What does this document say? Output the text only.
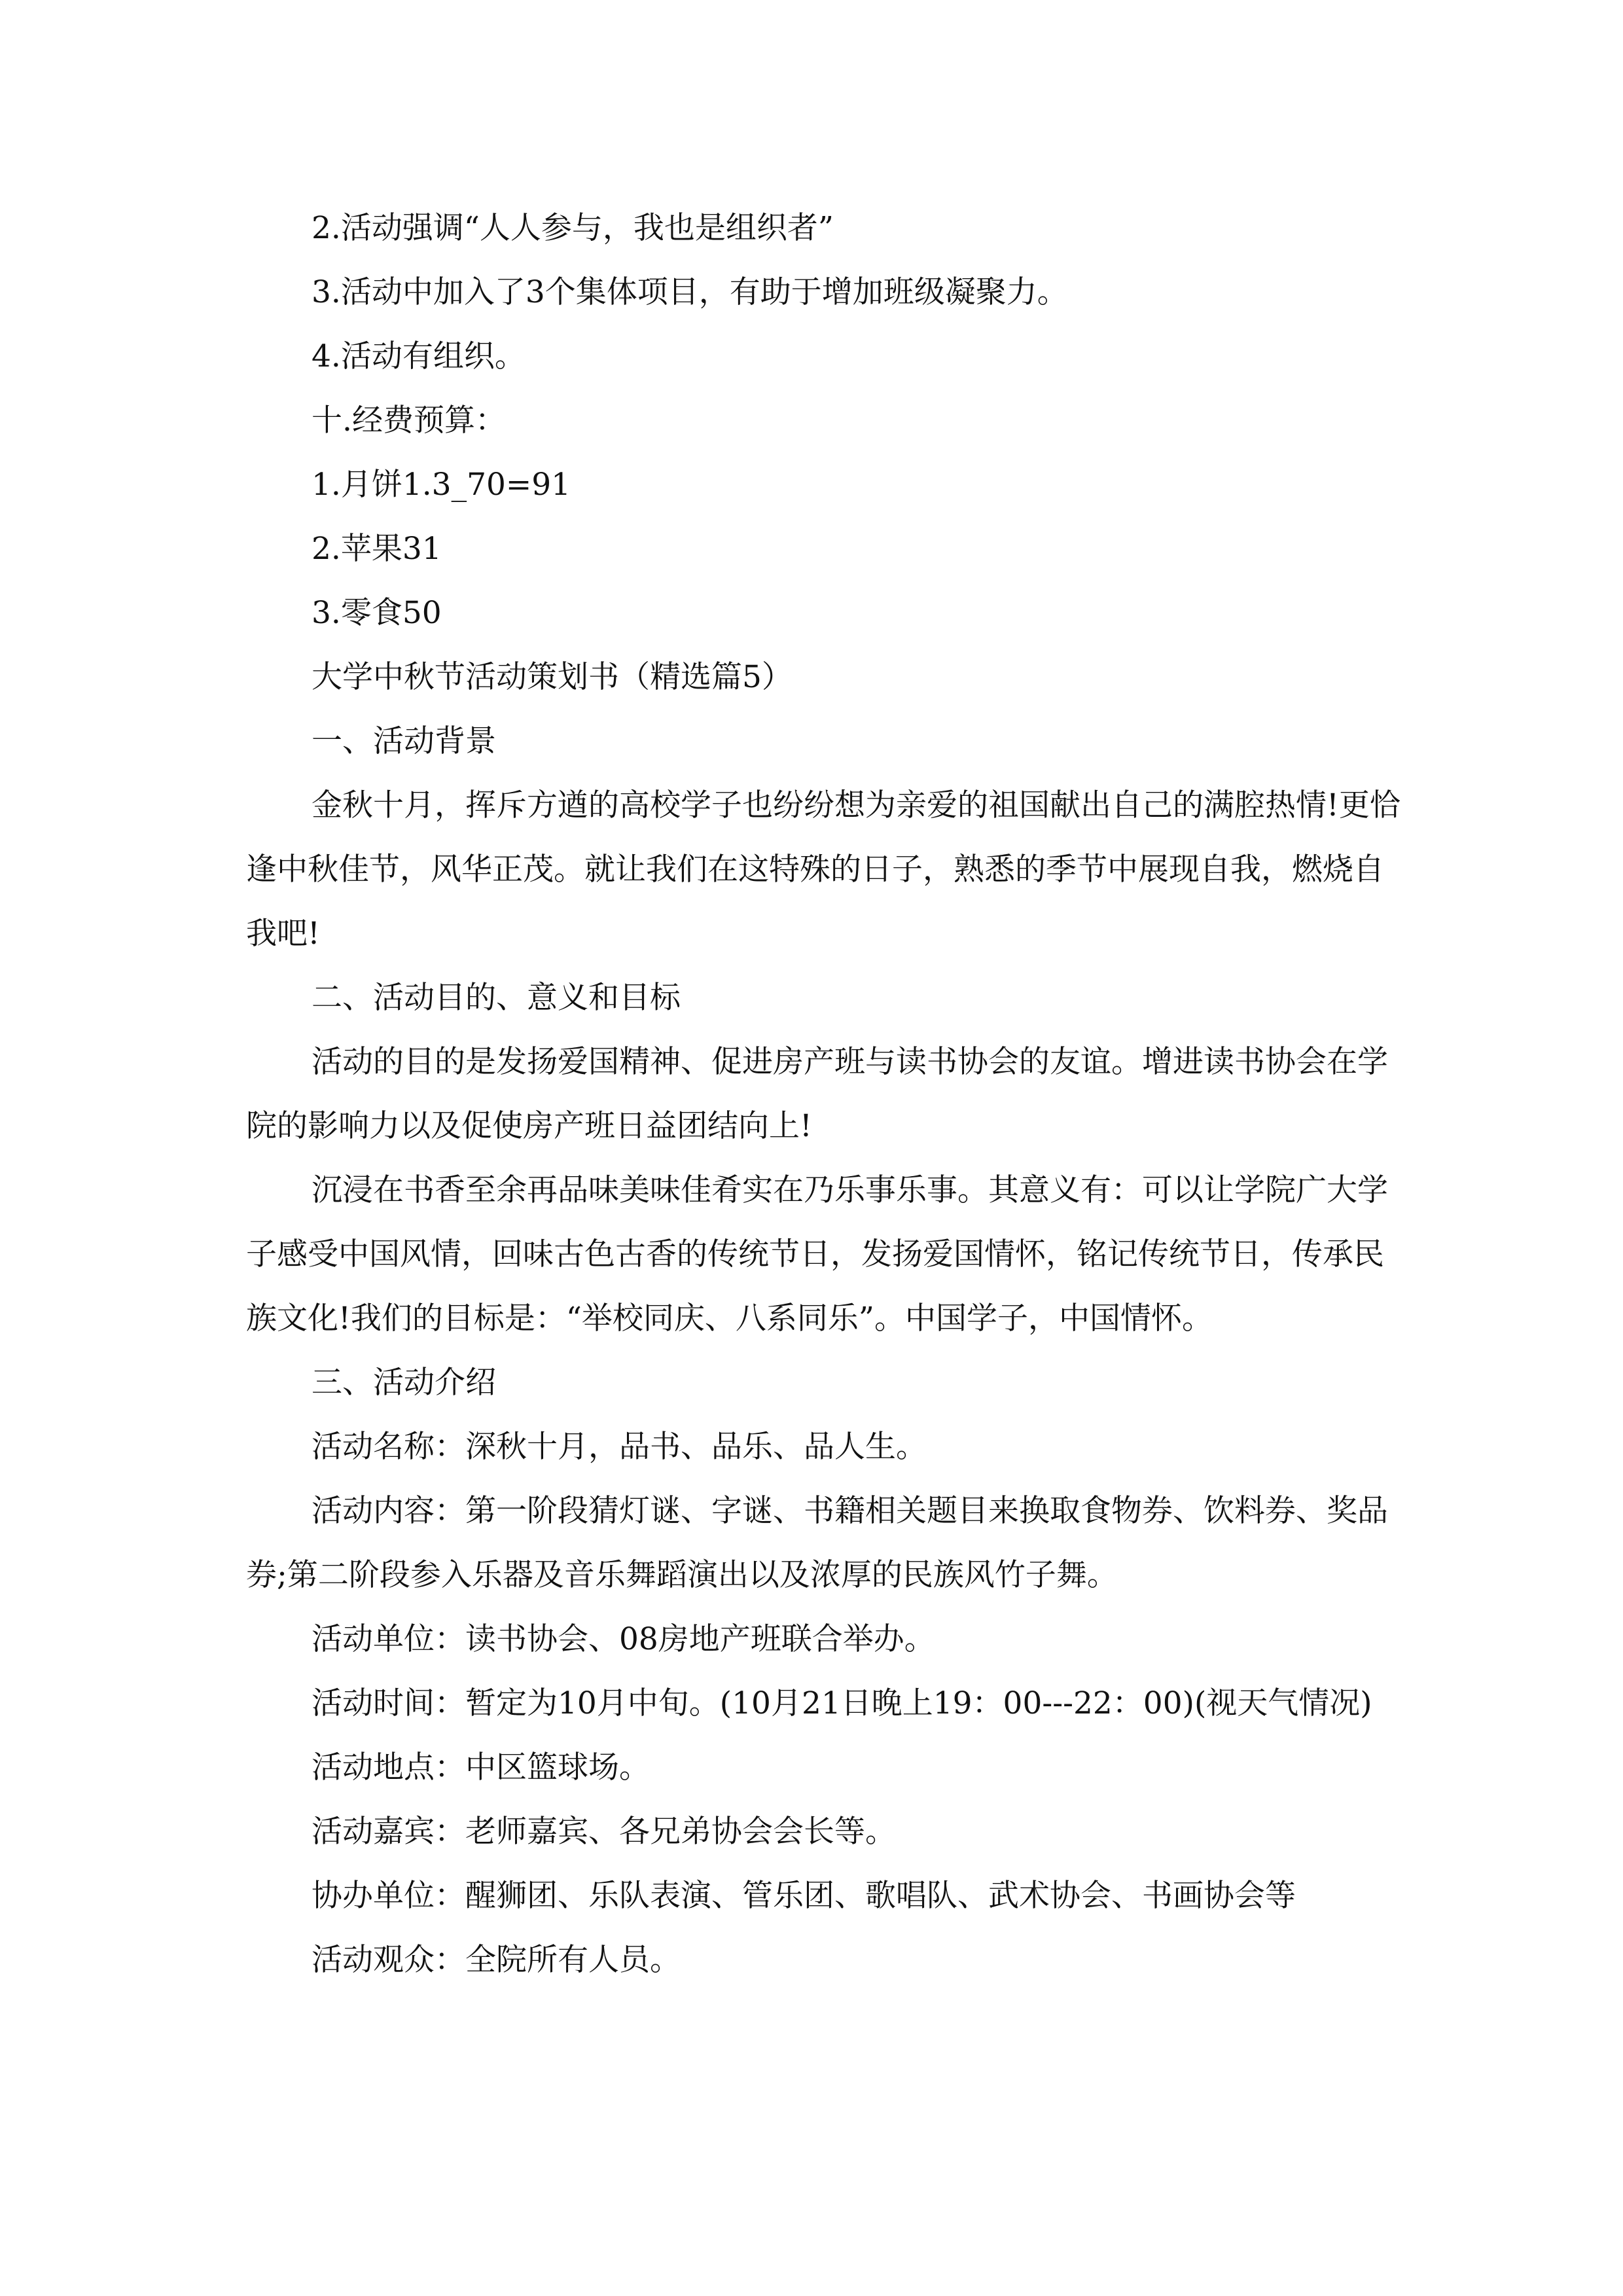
2.活动强调“人人参与，我也是组织者”

3.活动中加入了3个集体项目，有助于增加班级凝聚力。

4.活动有组织。

十.经费预算：

1.月饼1.3_70=91

2.苹果31

3.零食50

大学中秋节活动策划书（精选篇5）

一、活动背景

金秋十月，挥斥方遒的高校学子也纷纷想为亲爱的祖国献出自己的满腔热情!更恰逢中秋佳节，风华正茂。就让我们在这特殊的日子，熟悉的季节中展现自我，燃烧自我吧!

二、活动目的、意义和目标

活动的目的是发扬爱国精神、促进房产班与读书协会的友谊。增进读书协会在学院的影响力以及促使房产班日益团结向上!

沉浸在书香至余再品味美味佳肴实在乃乐事乐事。其意义有：可以让学院广大学子感受中国风情，回味古色古香的传统节日，发扬爱国情怀，铭记传统节日，传承民族文化!我们的目标是：“举校同庆、八系同乐”。中国学子，中国情怀。

三、活动介绍

活动名称：深秋十月，品书、品乐、品人生。

活动内容：第一阶段猜灯谜、字谜、书籍相关题目来换取食物券、饮料券、奖品券;第二阶段参入乐器及音乐舞蹈演出以及浓厚的民族风竹子舞。

活动单位：读书协会、08房地产班联合举办。

活动时间：暂定为10月中旬。(10月21日晚上19：00---22：00)(视天气情况)

活动地点：中区篮球场。

活动嘉宾：老师嘉宾、各兄弟协会会长等。

协办单位：醒狮团、乐队表演、管乐团、歌唱队、武术协会、书画协会等

活动观众：全院所有人员。
